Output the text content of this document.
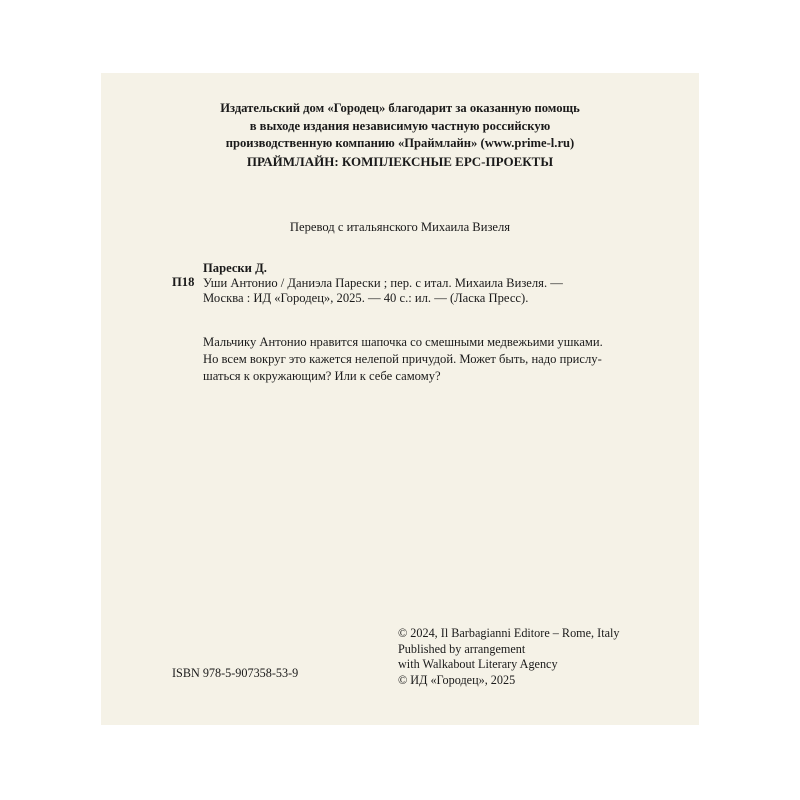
Издательский дом «Городец» благодарит за оказанную помощь
в выходе издания независимую частную российскую
производственную компанию «Праймлайн» (www.prime-l.ru)
ПРАЙМЛАЙН: КОМПЛЕКСНЫЕ EPC-ПРОЕКТЫ
Перевод с итальянского Михаила Визеля
П18
Парески Д.
Уши Антонио / Даниэла Парески ; пер. с итал. Михаила Визеля. —
Москва : ИД «Городец», 2025. — 40 с.: ил. — (Ласка Пресс).
Мальчику Антонио нравится шапочка со смешными медвежьими ушками.
Но всем вокруг это кажется нелепой причудой. Может быть, надо прислу-
шаться к окружающим? Или к себе самому?
ISBN 978-5-907358-53-9
© 2024, Il Barbagianni Editore – Rome, Italy
Published by arrangement
with Walkabout Literary Agency
© ИД «Городец», 2025
